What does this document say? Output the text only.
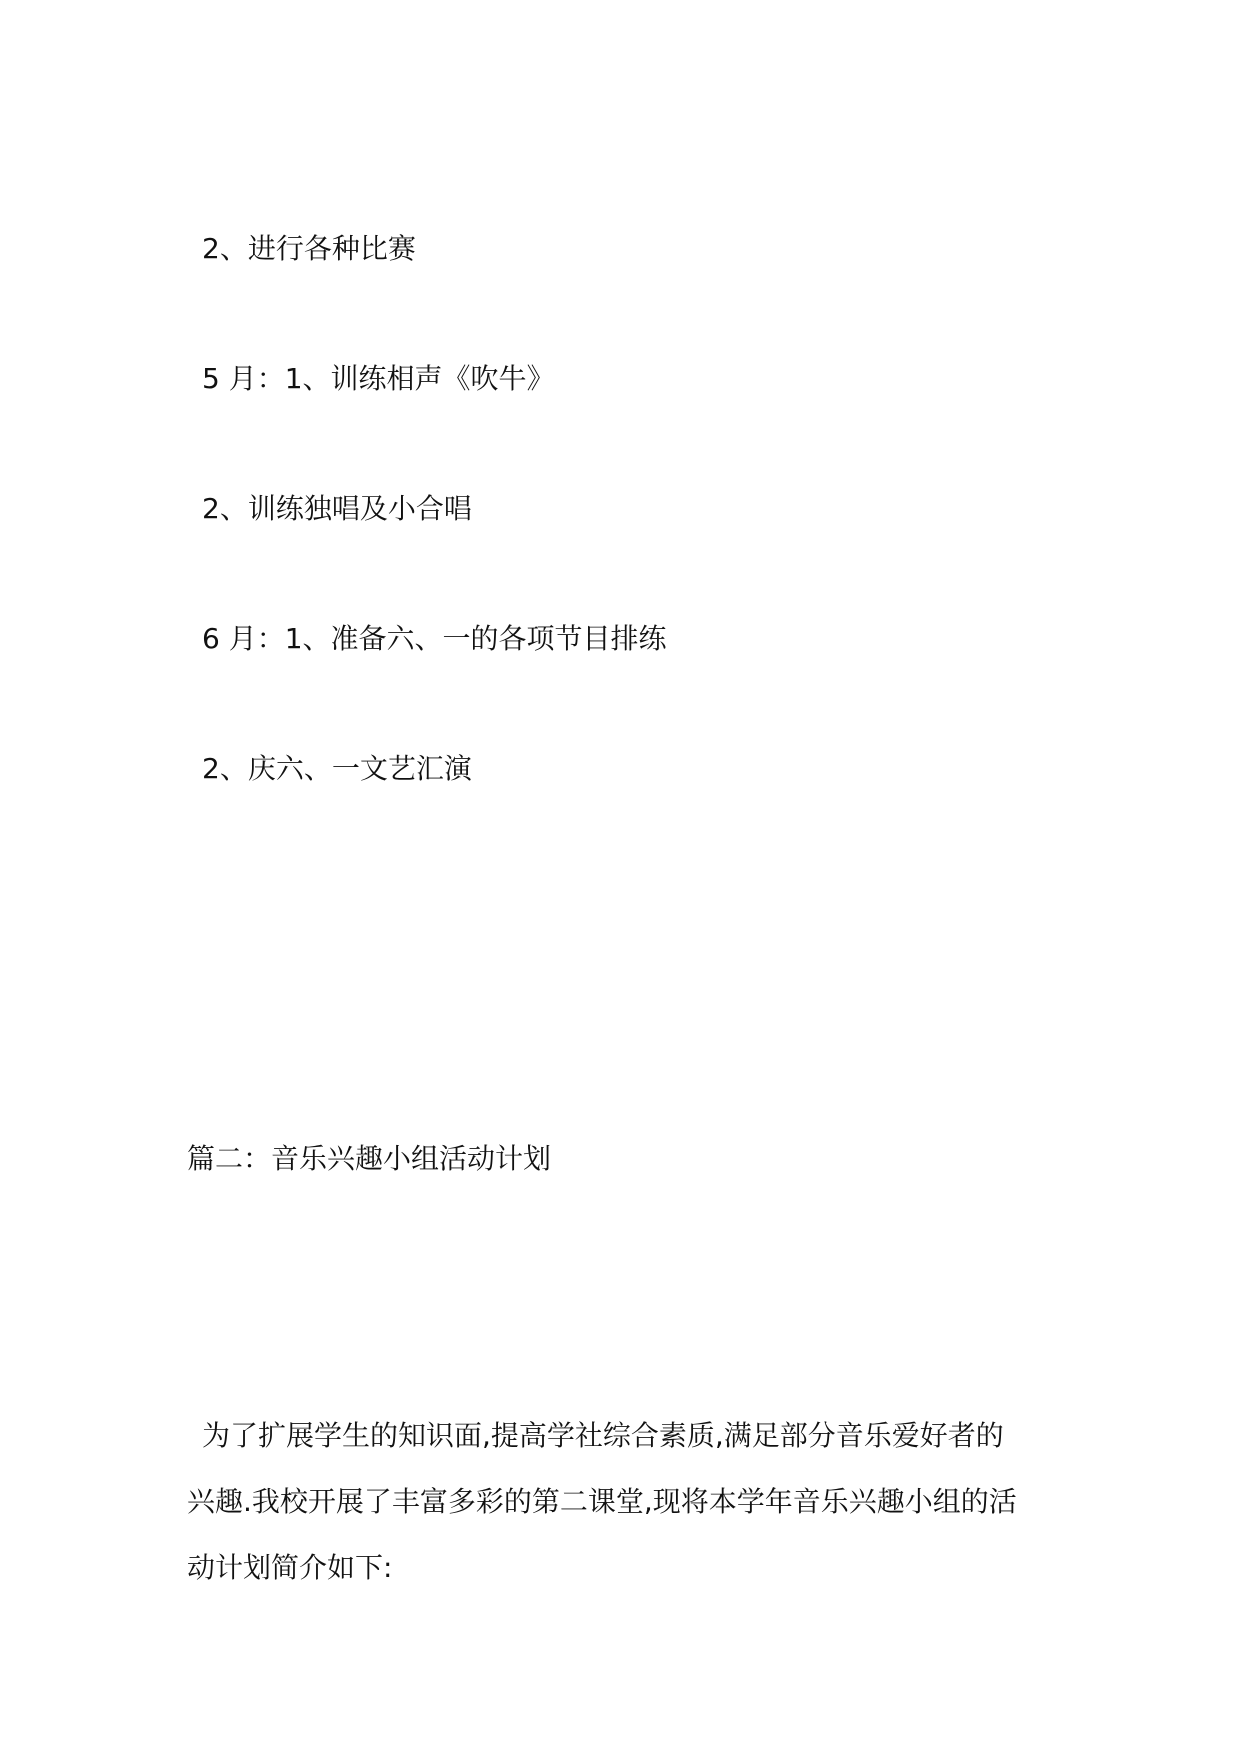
2、进行各种比赛

5 月：1、训练相声《吹牛》

2、训练独唱及小合唱

6 月：1、准备六、一的各项节目排练

2、庆六、一文艺汇演

篇二：音乐兴趣小组活动计划
为了扩展学生的知识面,提高学社综合素质,满足部分音乐爱好者的
兴趣.我校开展了丰富多彩的第二课堂,现将本学年音乐兴趣小组的活
动计划简介如下:
